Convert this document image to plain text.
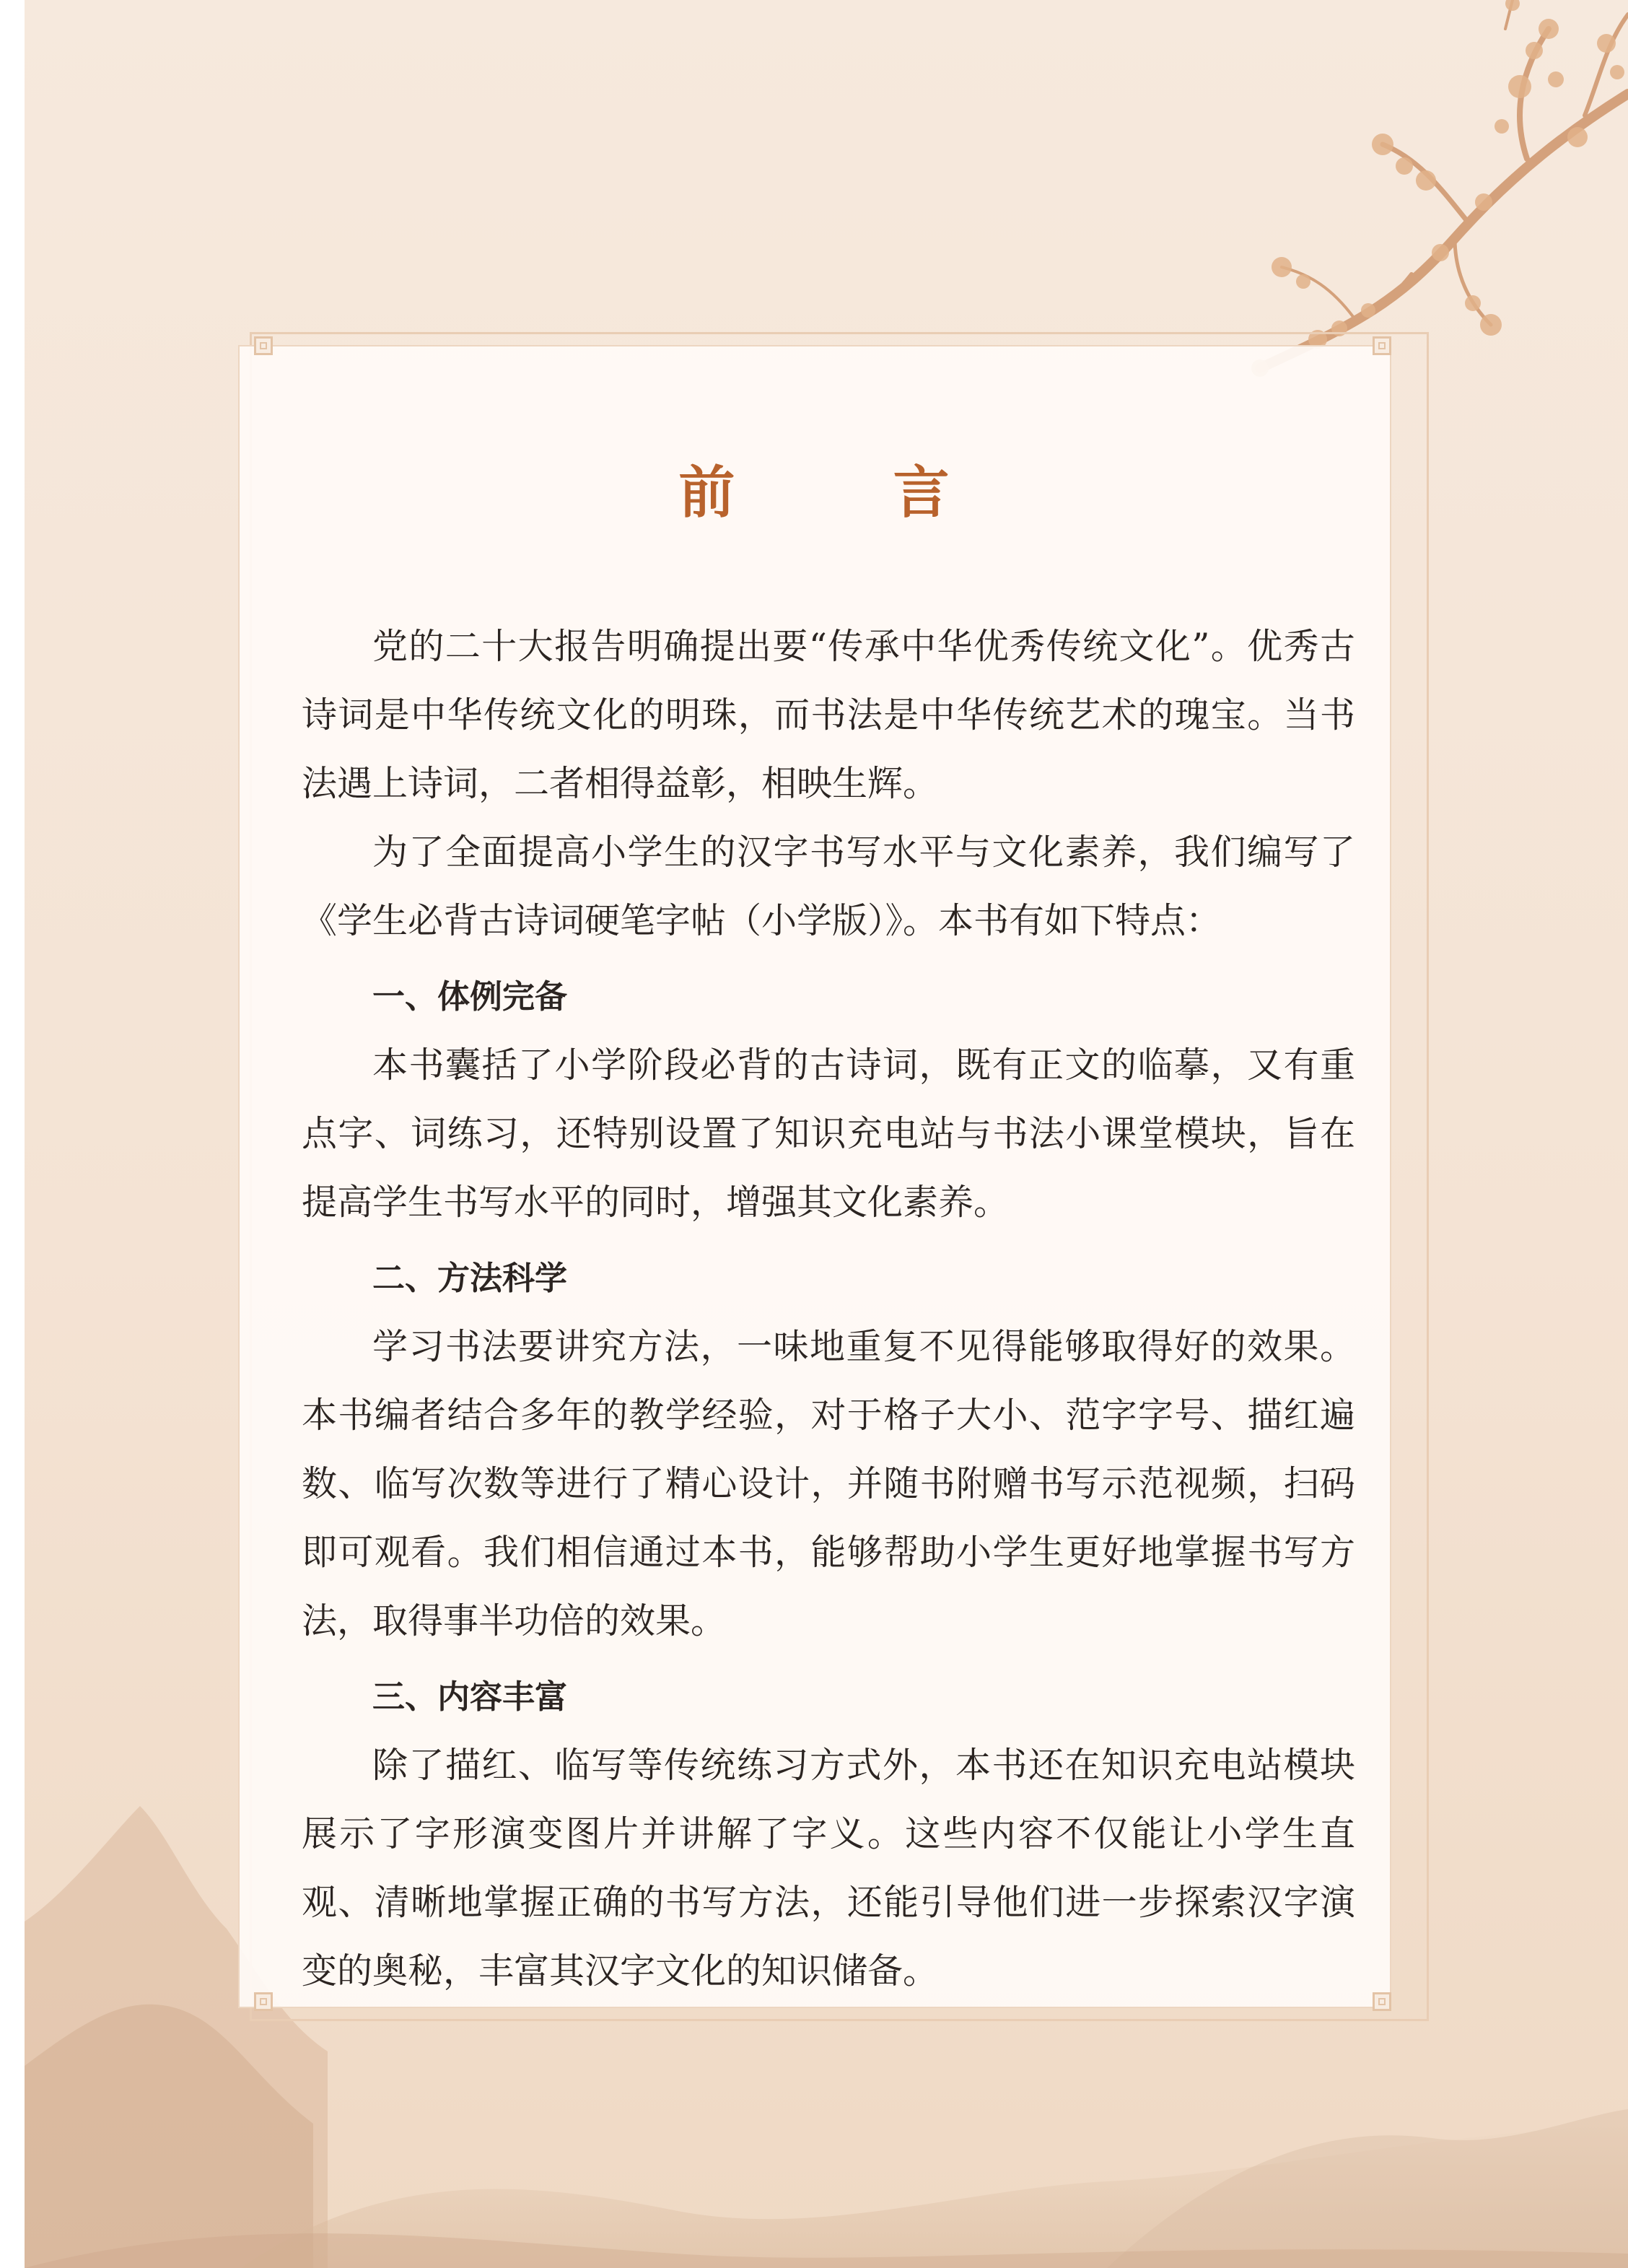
前 言

党的二十大报告明确提出要“传承中华优秀传统文化”。优秀古诗词是中华传统文化的明珠，而书法是中华传统艺术的瑰宝。当书法遇上诗词，二者相得益彰，相映生辉。

为了全面提高小学生的汉字书写水平与文化素养，我们编写了《学生必背古诗词硬笔字帖（小学版）》。本书有如下特点：

一、体例完备

本书囊括了小学阶段必背的古诗词，既有正文的临摹，又有重点字、词练习，还特别设置了知识充电站与书法小课堂模块，旨在提高学生书写水平的同时，增强其文化素养。

二、方法科学

学习书法要讲究方法，一味地重复不见得能够取得好的效果。本书编者结合多年的教学经验，对于格子大小、范字字号、描红遍数、临写次数等进行了精心设计，并随书附赠书写示范视频，扫码即可观看。我们相信通过本书，能够帮助小学生更好地掌握书写方法，取得事半功倍的效果。

三、内容丰富

除了描红、临写等传统练习方式外，本书还在知识充电站模块展示了字形演变图片并讲解了字义。这些内容不仅能让小学生直观、清晰地掌握正确的书写方法，还能引导他们进一步探索汉字演变的奥秘，丰富其汉字文化的知识储备。
